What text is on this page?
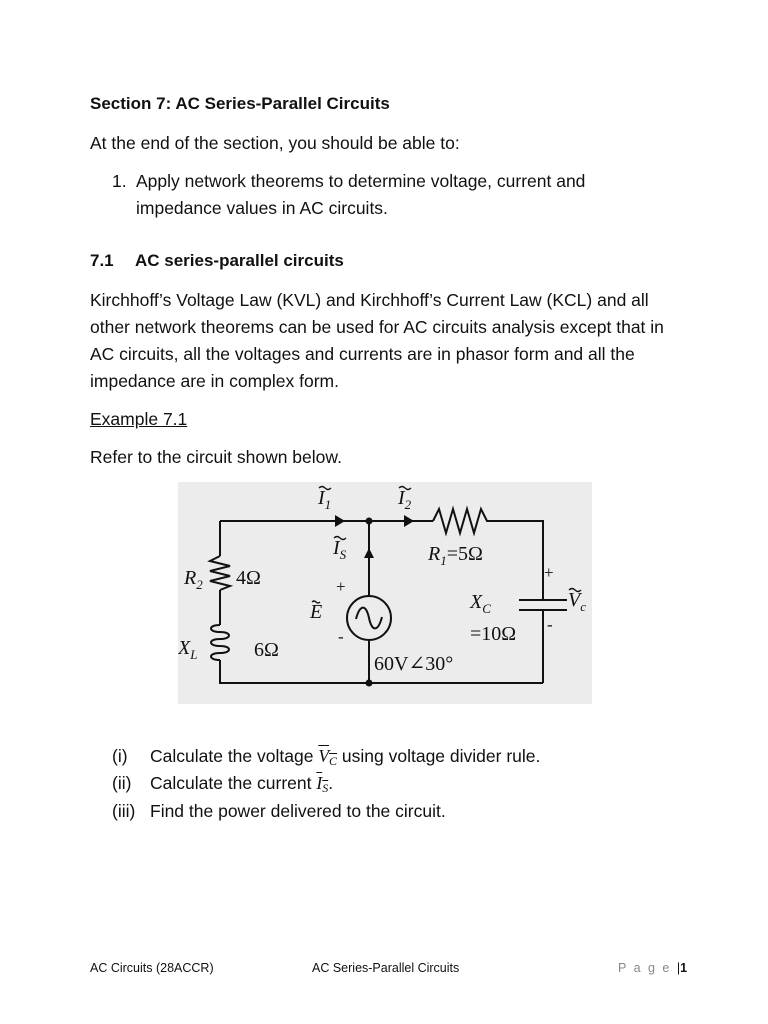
Section 7: AC Series-Parallel Circuits
At the end of the section, you should be able to:
1. Apply network theorems to determine voltage, current and impedance values in AC circuits.
7.1 AC series-parallel circuits
Kirchhoff’s Voltage Law (KVL) and Kirchhoff’s Current Law (KCL) and all other network theorems can be used for AC circuits analysis except that in AC circuits, all the voltages and currents are in phasor form and all the impedance are in complex form.
Example 7.1
Refer to the circuit shown below.
$I_1$	$I_2$
$I_S$	$R_1=5\Omega$
$R_2$ 4Ω
$X_L$	6Ω
$X_C$
=10Ω
E
60V∠30°
$V_c$
+
-
+
-
(i) Calculate the voltage $V_C$ using voltage divider rule.
(ii) Calculate the current $I_S$.
(iii) Find the power delivered to the circuit.
AC Circuits (28ACCR)	AC Series-Parallel Circuits	P a g e |1
